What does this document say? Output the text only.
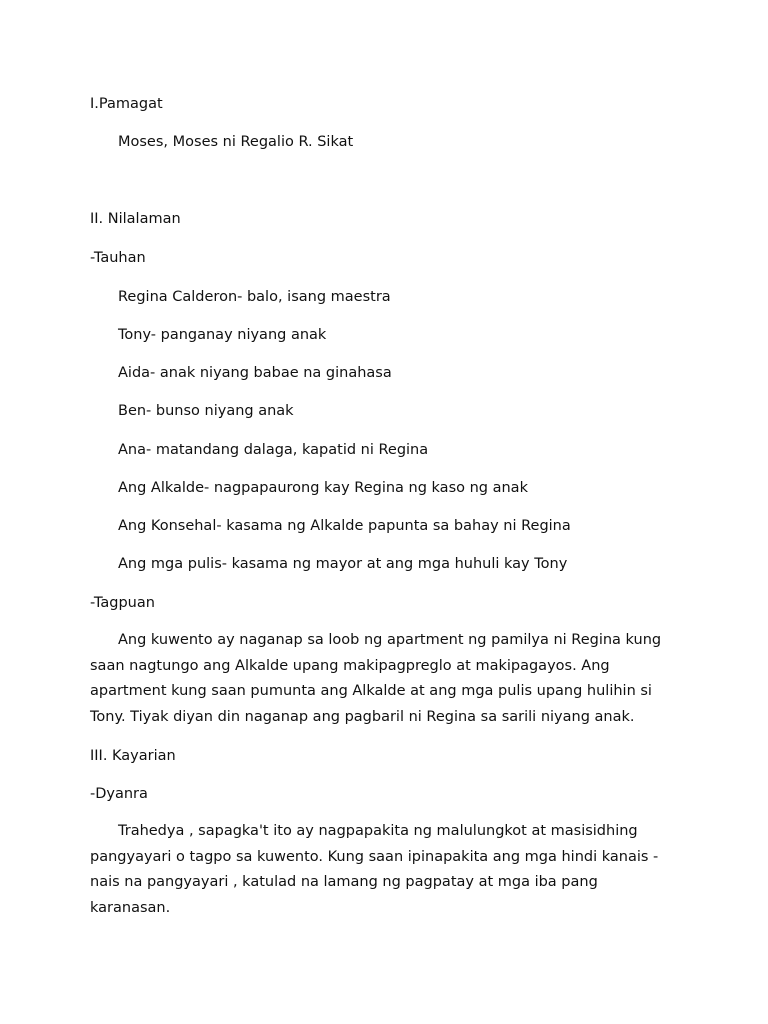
I.Pamagat

Moses, Moses ni Regalio R. Sikat

II. Nilalaman

-Tauhan

Regina Calderon- balo, isang maestra

Tony- panganay niyang anak

Aida- anak niyang babae na ginahasa

Ben- bunso niyang anak

Ana- matandang dalaga, kapatid ni Regina

Ang Alkalde- nagpapaurong kay Regina ng kaso ng anak

Ang Konsehal- kasama ng Alkalde papunta sa bahay ni Regina

Ang mga pulis- kasama ng mayor at ang mga huhuli kay Tony

-Tagpuan

Ang kuwento ay naganap sa loob ng apartment ng pamilya ni Regina kung saan nagtungo ang Alkalde upang makipagpreglo at makipagayos. Ang apartment kung saan pumunta ang Alkalde at ang mga pulis upang hulihin si Tony. Tiyak diyan din naganap ang pagbaril ni Regina sa sarili niyang anak.

III. Kayarian

-Dyanra

Trahedya , sapagka't ito ay nagpapakita ng malulungkot at masisidhing pangyayari o tagpo sa kuwento. Kung saan ipinapakita ang mga hindi kanais - nais na pangyayari , katulad na lamang ng pagpatay at mga iba pang karanasan.
